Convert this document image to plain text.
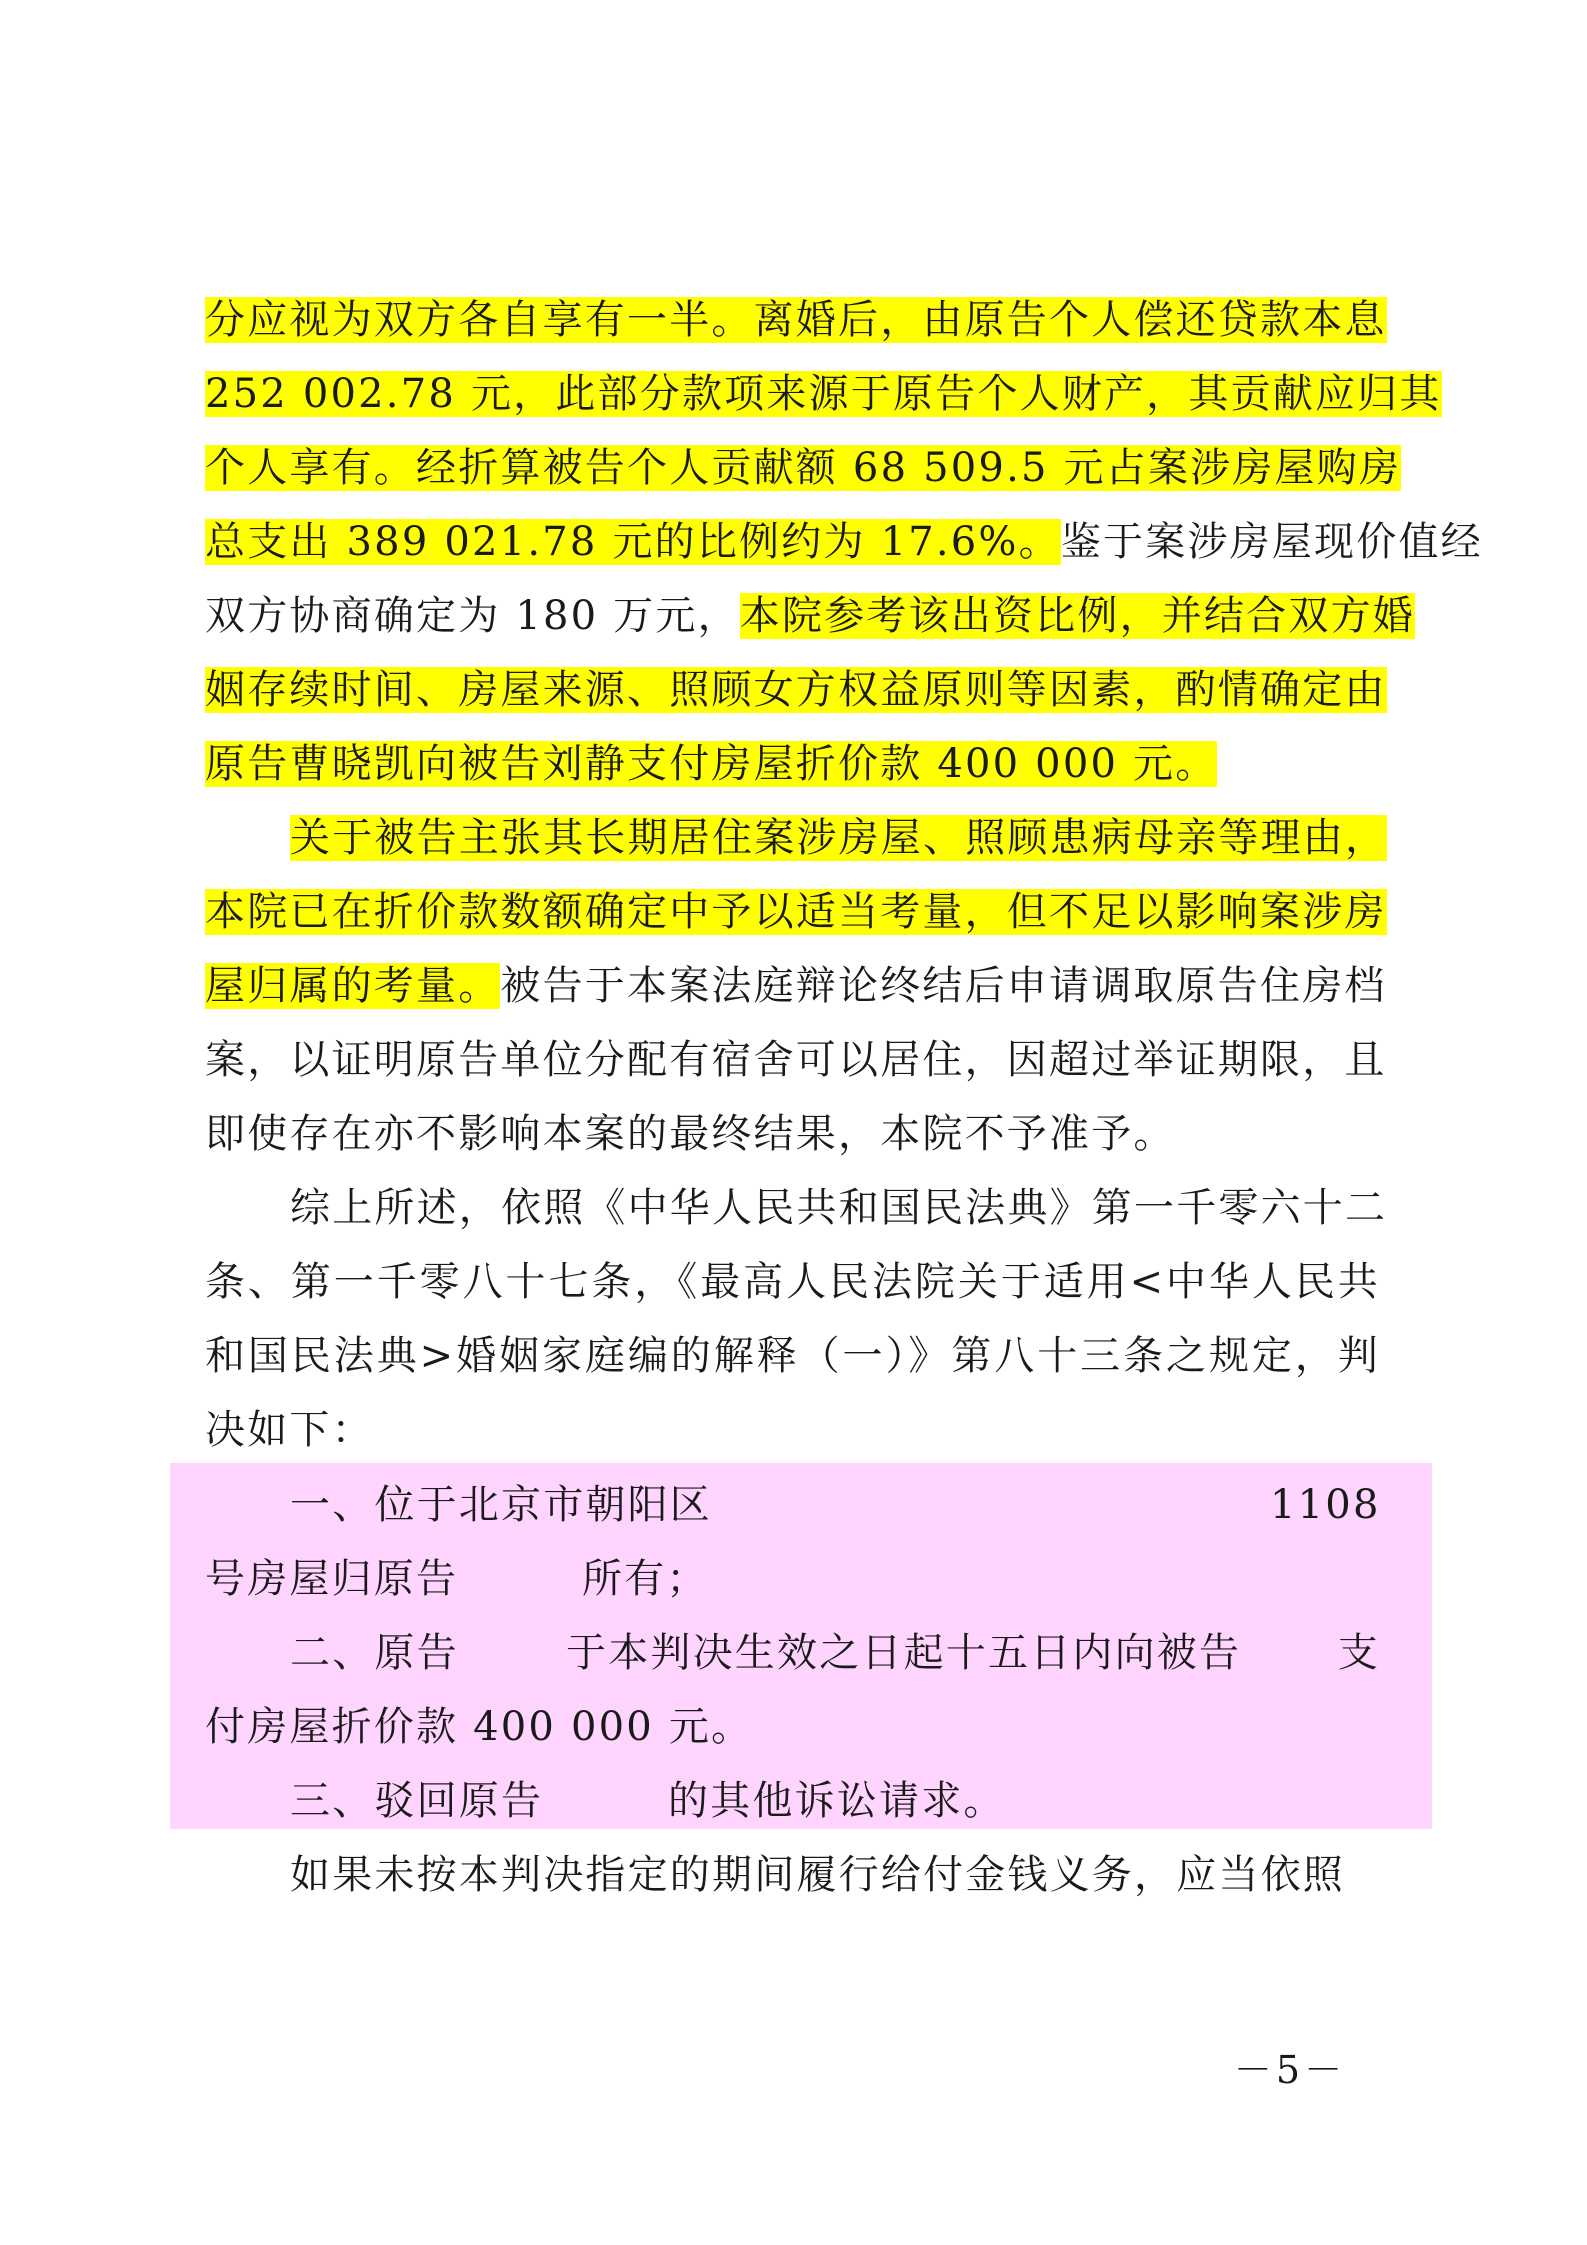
分应视为双方各自享有一半。离婚后，由原告个人偿还贷款本息
252 002.78 元，此部分款项来源于原告个人财产，其贡献应归其
个人享有。经折算被告个人贡献额 68 509.5 元占案涉房屋购房
总支出 389 021.78 元的比例约为 17.6%。鉴于案涉房屋现价值经
双方协商确定为 180 万元，本院参考该出资比例，并结合双方婚
姻存续时间、房屋来源、照顾女方权益原则等因素，酌情确定由
原告曹晓凯向被告刘静支付房屋折价款 400 000 元。
关于被告主张其长期居住案涉房屋、照顾患病母亲等理由，
本院已在折价款数额确定中予以适当考量，但不足以影响案涉房
屋归属的考量。被告于本案法庭辩论终结后申请调取原告住房档
案，以证明原告单位分配有宿舍可以居住，因超过举证期限，且
即使存在亦不影响本案的最终结果，本院不予准予。
综上所述，依照《中华人民共和国民法典》第一千零六十二
条、第一千零八十七条，《最高人民法院关于适用<中华人民共
和国民法典>婚姻家庭编的解释（一）》第八十三条之规定，判
决如下：
一、位于北京市朝阳区	1108
号房屋归原告	所有；
二、原告	于本判决生效之日起十五日内向被告	支
付房屋折价款 400 000 元。
三、驳回原告	的其他诉讼请求。
如果未按本判决指定的期间履行给付金钱义务，应当依照
－5－
